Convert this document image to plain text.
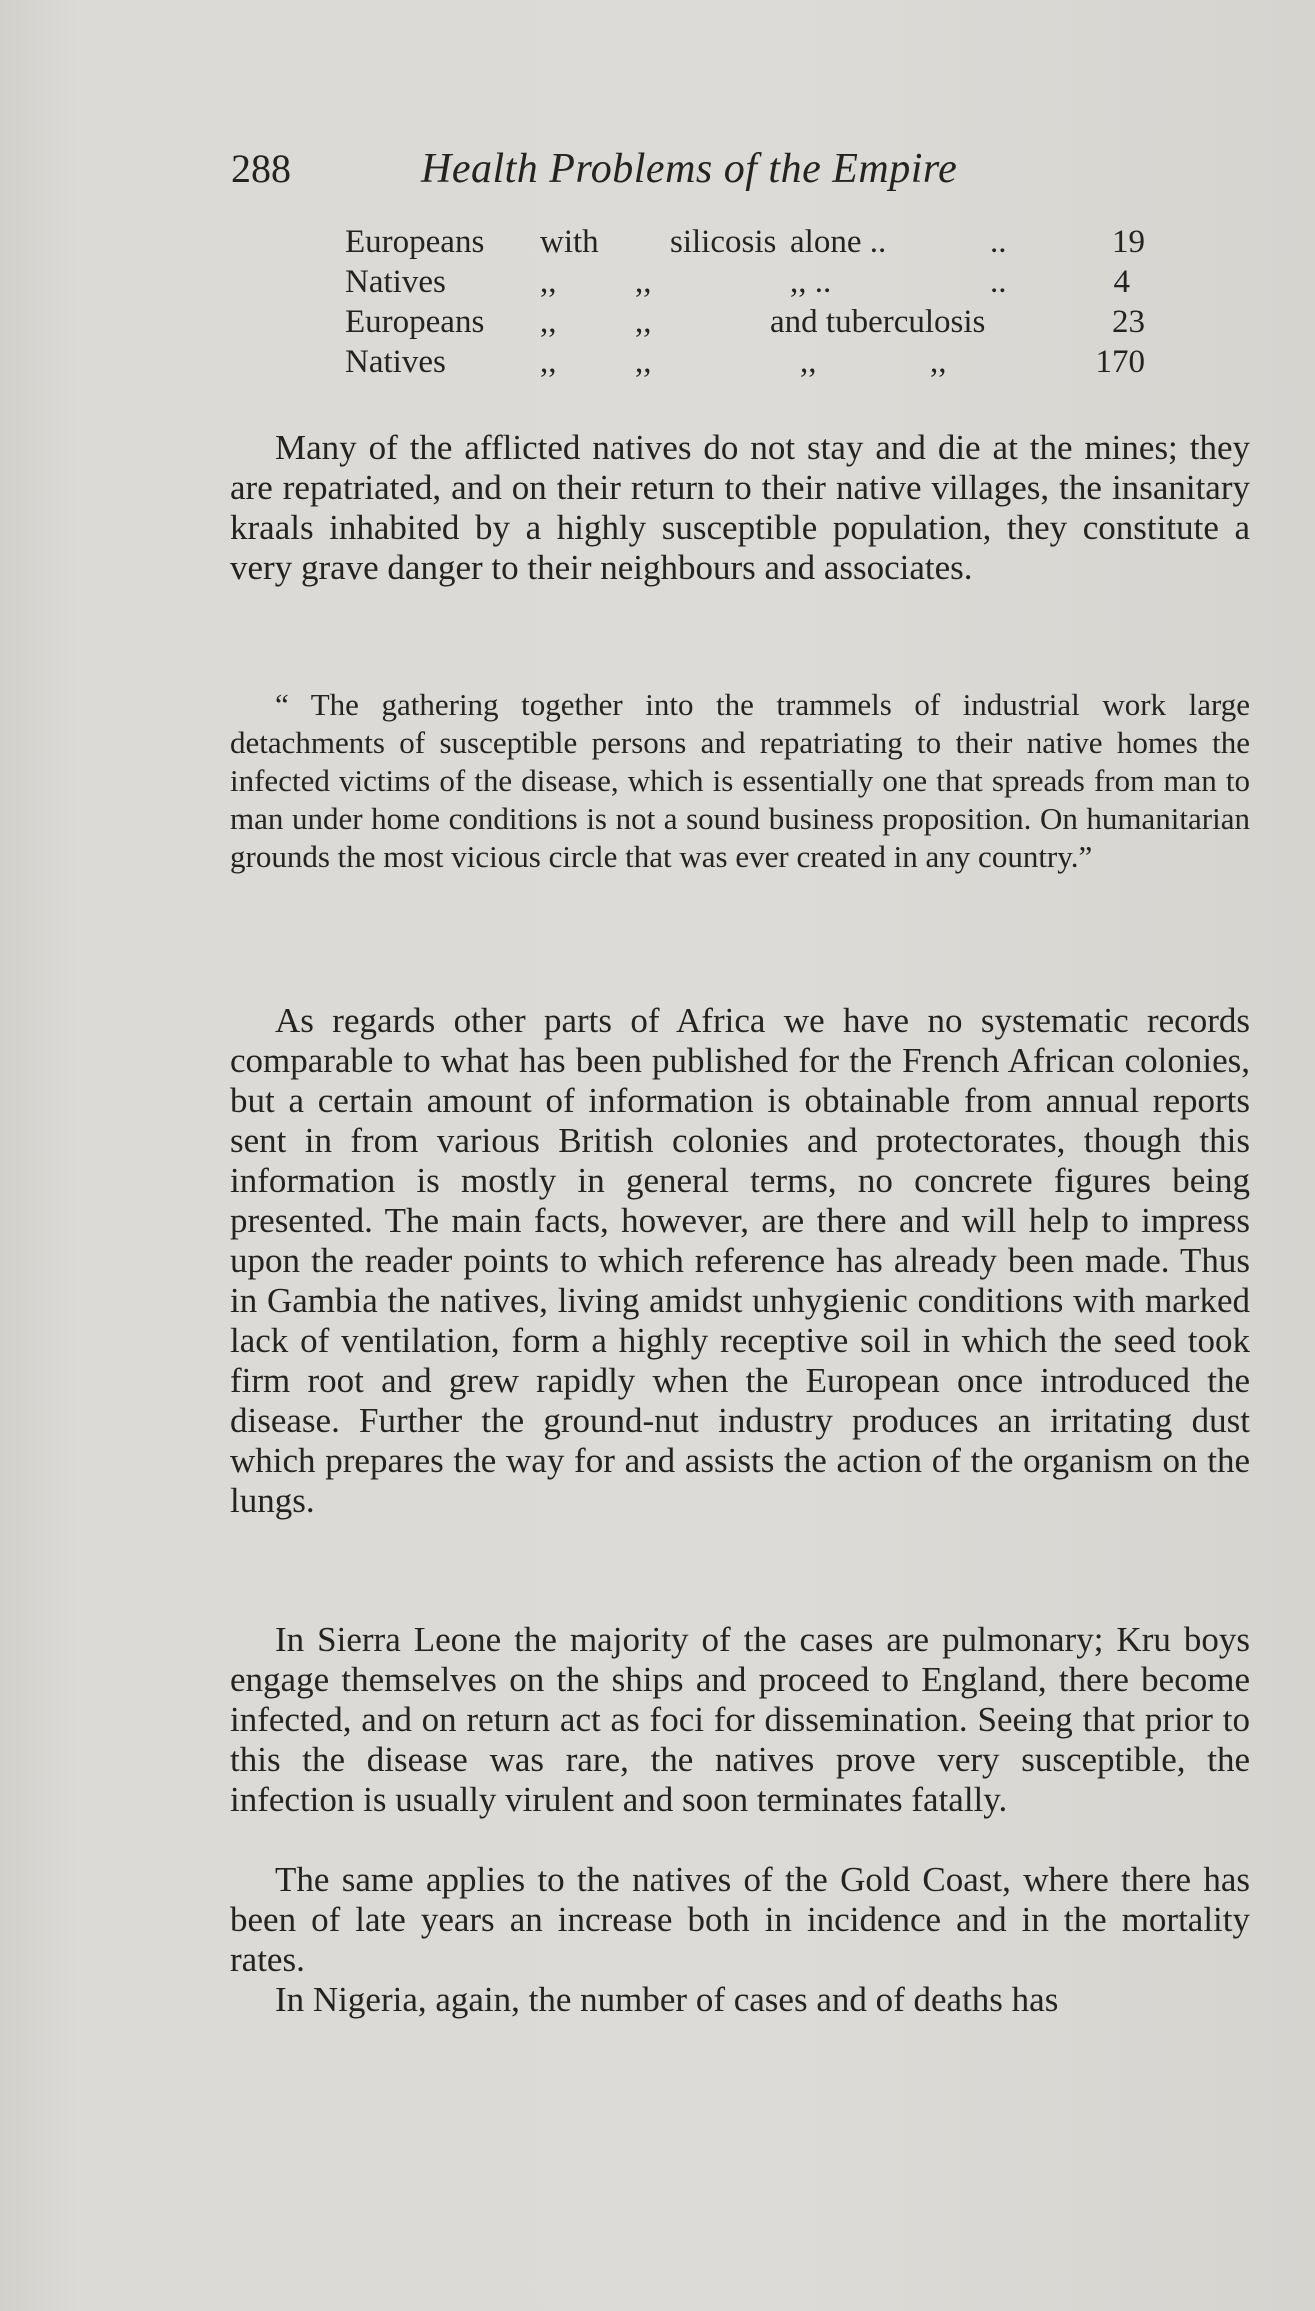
288	Health Problems of the Empire
Europeans with silicosis alone ..	..	19
Natives	,, ,,	,, ..	..	4
Europeans ,, ,,	and tuberculosis	23
Natives	,, ,,	,,	,,	170

Many of the afflicted natives do not stay and die at the mines; they are repatriated, and on their return to their native villages, the insanitary kraals inhabited by a highly susceptible population, they constitute a very grave danger to their neighbours and associates.

“ The gathering together into the trammels of industrial work large detachments of susceptible persons and repatriating to their native homes the infected victims of the disease, which is essentially one that spreads from man to man under home conditions is not a sound business proposition. On humanitarian grounds the most vicious circle that was ever created in any country.”

As regards other parts of Africa we have no systematic records comparable to what has been published for the French African colonies, but a certain amount of information is obtainable from annual reports sent in from various British colonies and protectorates, though this information is mostly in general terms, no concrete figures being presented. The main facts, however, are there and will help to impress upon the reader points to which reference has already been made. Thus in Gambia the natives, living amidst unhygienic conditions with marked lack of ventilation, form a highly receptive soil in which the seed took firm root and grew rapidly when the European once introduced the disease. Further the ground-nut industry produces an irritating dust which prepares the way for and assists the action of the organism on the lungs.

In Sierra Leone the majority of the cases are pulmonary; Kru boys engage themselves on the ships and proceed to England, there become infected, and on return act as foci for dissemination. Seeing that prior to this the disease was rare, the natives prove very susceptible, the infection is usually virulent and soon terminates fatally.

The same applies to the natives of the Gold Coast, where there has been of late years an increase both in incidence and in the mortality rates.

In Nigeria, again, the number of cases and of deaths has
